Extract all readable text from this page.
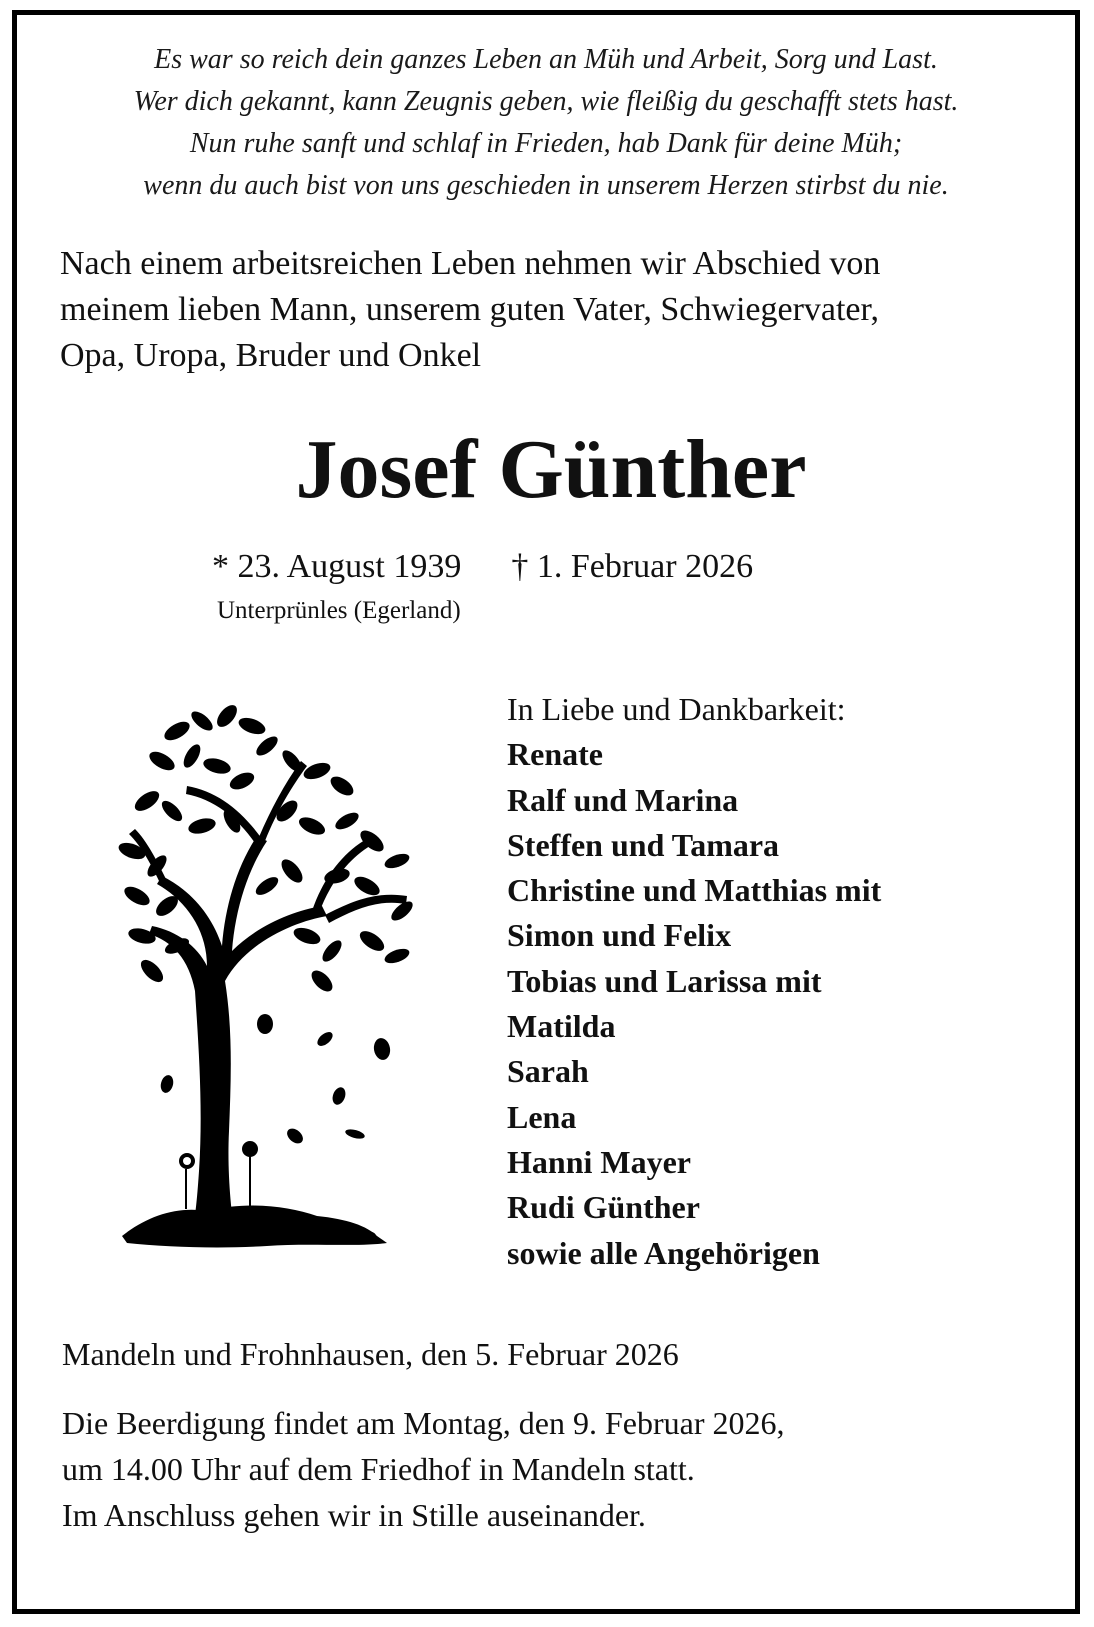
Es war so reich dein ganzes Leben an Müh und Arbeit, Sorg und Last.
Wer dich gekannt, kann Zeugnis geben, wie fleißig du geschafft stets hast.
Nun ruhe sanft und schlaf in Frieden, hab Dank für deine Müh;
wenn du auch bist von uns geschieden in unserem Herzen stirbst du nie.
Nach einem arbeitsreichen Leben nehmen wir Abschied von
meinem lieben Mann, unserem guten Vater, Schwiegervater,
Opa, Uropa, Bruder und Onkel
Josef Günther
* 23. August 1939 † 1. Februar 2026
Unterprünles (Egerland)
In Liebe und Dankbarkeit:
Renate
Ralf und Marina
Steffen und Tamara
Christine und Matthias mit
Simon und Felix
Tobias und Larissa mit
Matilda
Sarah
Lena
Hanni Mayer
Rudi Günther
sowie alle Angehörigen
Mandeln und Frohnhausen, den 5. Februar 2026
Die Beerdigung findet am Montag, den 9. Februar 2026,
um 14.00 Uhr auf dem Friedhof in Mandeln statt.
Im Anschluss gehen wir in Stille auseinander.
